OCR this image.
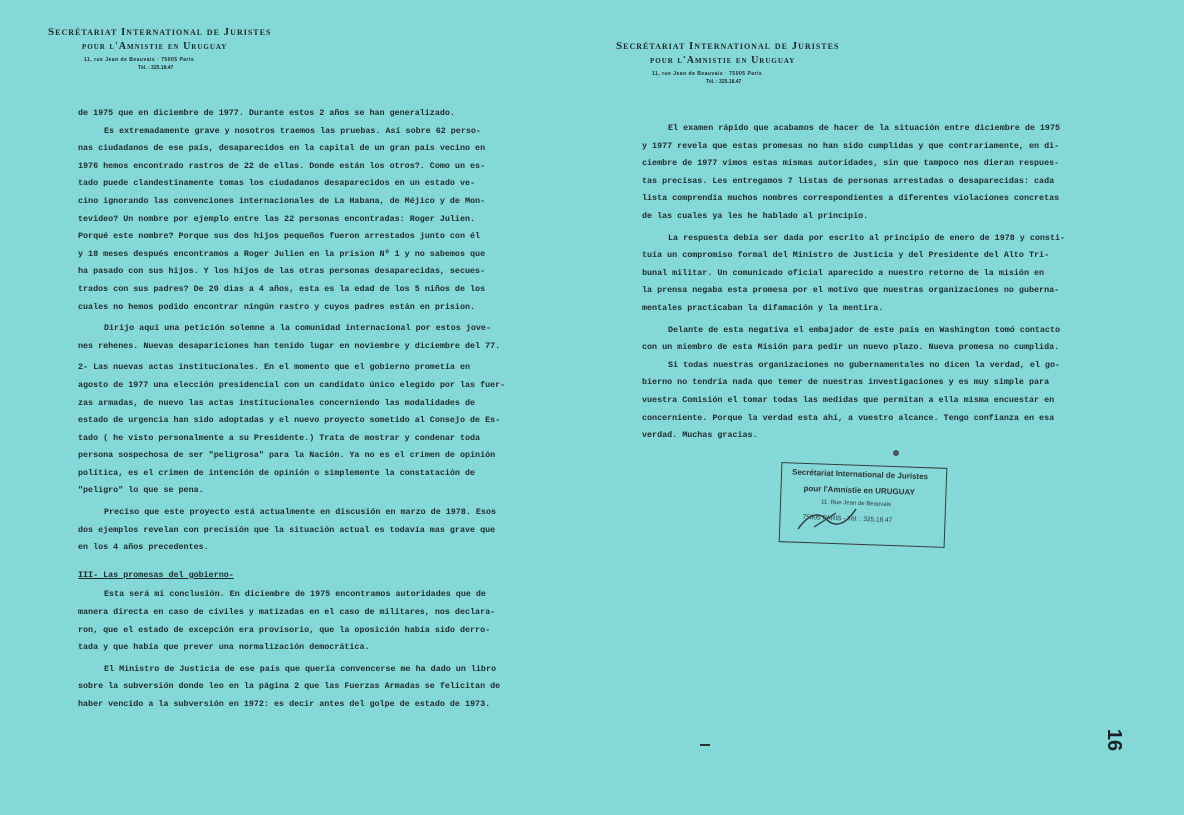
Secrétariat International de Juristes
pour l'Amnistie en Uruguay
11, rue Jean de Beauvais · 75005 Paris
Tél. : 325.18.47
de 1975 que en diciembre de 1977. Durante estos 2 años se han generalizado.
Es extremadamente grave y nosotros traemos las pruebas. Así sobre 62 perso-
nas ciudadanos de ese país, desaparecidos en la capital de un gran país vecino en
1976 hemos encontrado rastros de 22 de ellas. Donde están los otros?. Como un es-
tado puede clandestinamente tomas los ciudadanos desaparecidos en un estado ve-
cino ignorando las convenciones internacionales de La Habana, de Méjico y de Mon-
tevideo? Un nombre por ejemplo entre las 22 personas encontradas: Roger Julien.
Porqué este nombre? Porque sus dos hijos pequeños fueron arrestados junto con él
y 18 meses después encontramos a Roger Julien en la prision Nº 1 y no sabemos que
ha pasado con sus hijos. Y los hijos de las otras personas desaparecidas, secues-
trados con sus padres? De 20 dias a 4 años, esta es la edad de los 5 niños de los
cuales no hemos podido encontrar ningún rastro y cuyos padres están en prision.
Dirijo aquí una petición solemne a la comunidad internacional por estos jove-
nes rehenes. Nuevas desapariciones han tenido lugar en noviembre y diciembre del 77.
2- Las nuevas actas institucionales. En el momento que el gobierno prometía en
agosto de 1977 una elección presidencial con un candidato único elegido por las fuer-
zas armadas, de nuevo las actas institucionales concerniendo las modalidades de
estado de urgencia han sido adoptadas y el nuevo proyecto sometido al Consejo de Es-
tado ( he visto personalmente a su Presidente.) Trata de mostrar y condenar toda
persona sospechosa de ser "peligrosa" para la Nación. Ya no es el crimen de opinión
política, es el crimen de intención de opinión o simplemente la constatación de
"peligro" lo que se pena.
Preciso que este proyecto está actualmente en discusión en marzo de 1978. Esos
dos ejemplos revelan con precisión que la situación actual es todavía mas grave que
en los 4 años precedentes.
III- Las promesas del gobierno-
Esta será mi conclusión. En diciembre de 1975 encontramos autoridades que de
manera directa en caso de civiles y matizadas en el caso de militares, nos declara-
ron, que el estado de excepción era provisorio, que la oposición había sido derro-
tada y que había que prever una normalización democrática.
El Ministro de Justicia de ese país que quería convencerse me ha dado un libro
sobre la subversión donde leo en la página 2 que las Fuerzas Armadas se felicitan de
haber vencido a la subversión en 1972: es decir antes del golpe de estado de 1973.
Secrétariat International de Juristes
pour l'Amnistie en Uruguay
11, rue Jean de Beauvais · 75005 Paris
Tél. : 325.18.47
El examen rápido que acabamos de hacer de la situación entre diciembre de 1975
y 1977 revela que estas promesas no han sido cumplidas y que contrariamente, en di-
ciembre de 1977 vimos estas mismas autoridades, sin que tampoco nos dieran respues-
tas precisas. Les entregamos 7 listas de personas arrestadas o desaparecidas: cada
lista comprendía muchos nombres correspondientes a diferentes violaciones concretas
de las cuales ya les he hablado al principio.
La respuesta debía ser dada por escrito al principio de enero de 1978 y consti-
tuía un compromiso formal del Ministro de Justicia y del Presidente del Alto Tri-
bunal militar. Un comunicado oficial aparecido a nuestro retorno de la misión en
la prensa negaba esta promesa por el motivo que nuestras organizaciones no guberna-
mentales practicaban la difamación y la mentira.
Delante de esta negativa el embajador de este país en Washington tomó contacto
con un miembro de esta Misión para pedir un nuevo plazo. Nueva promesa no cumplida.
Si todas nuestras organizaciones no gubernamentales no dicen la verdad, el go-
bierno no tendría nada que temer de nuestras investigaciones y es muy simple para
vuestra Comisión el tomar todas las medidas que permitan a ella misma encuestar en
concerniente. Porque la verdad esta ahí, a vuestro alcance. Tengo confianza en esa
verdad. Muchas gracias.
Secrétariat International de Juristes
pour l'Amnistie en URUGUAY
11, Rue Jean de Beauvais
75005 PARIS - Tél. : 325.18.47
16
